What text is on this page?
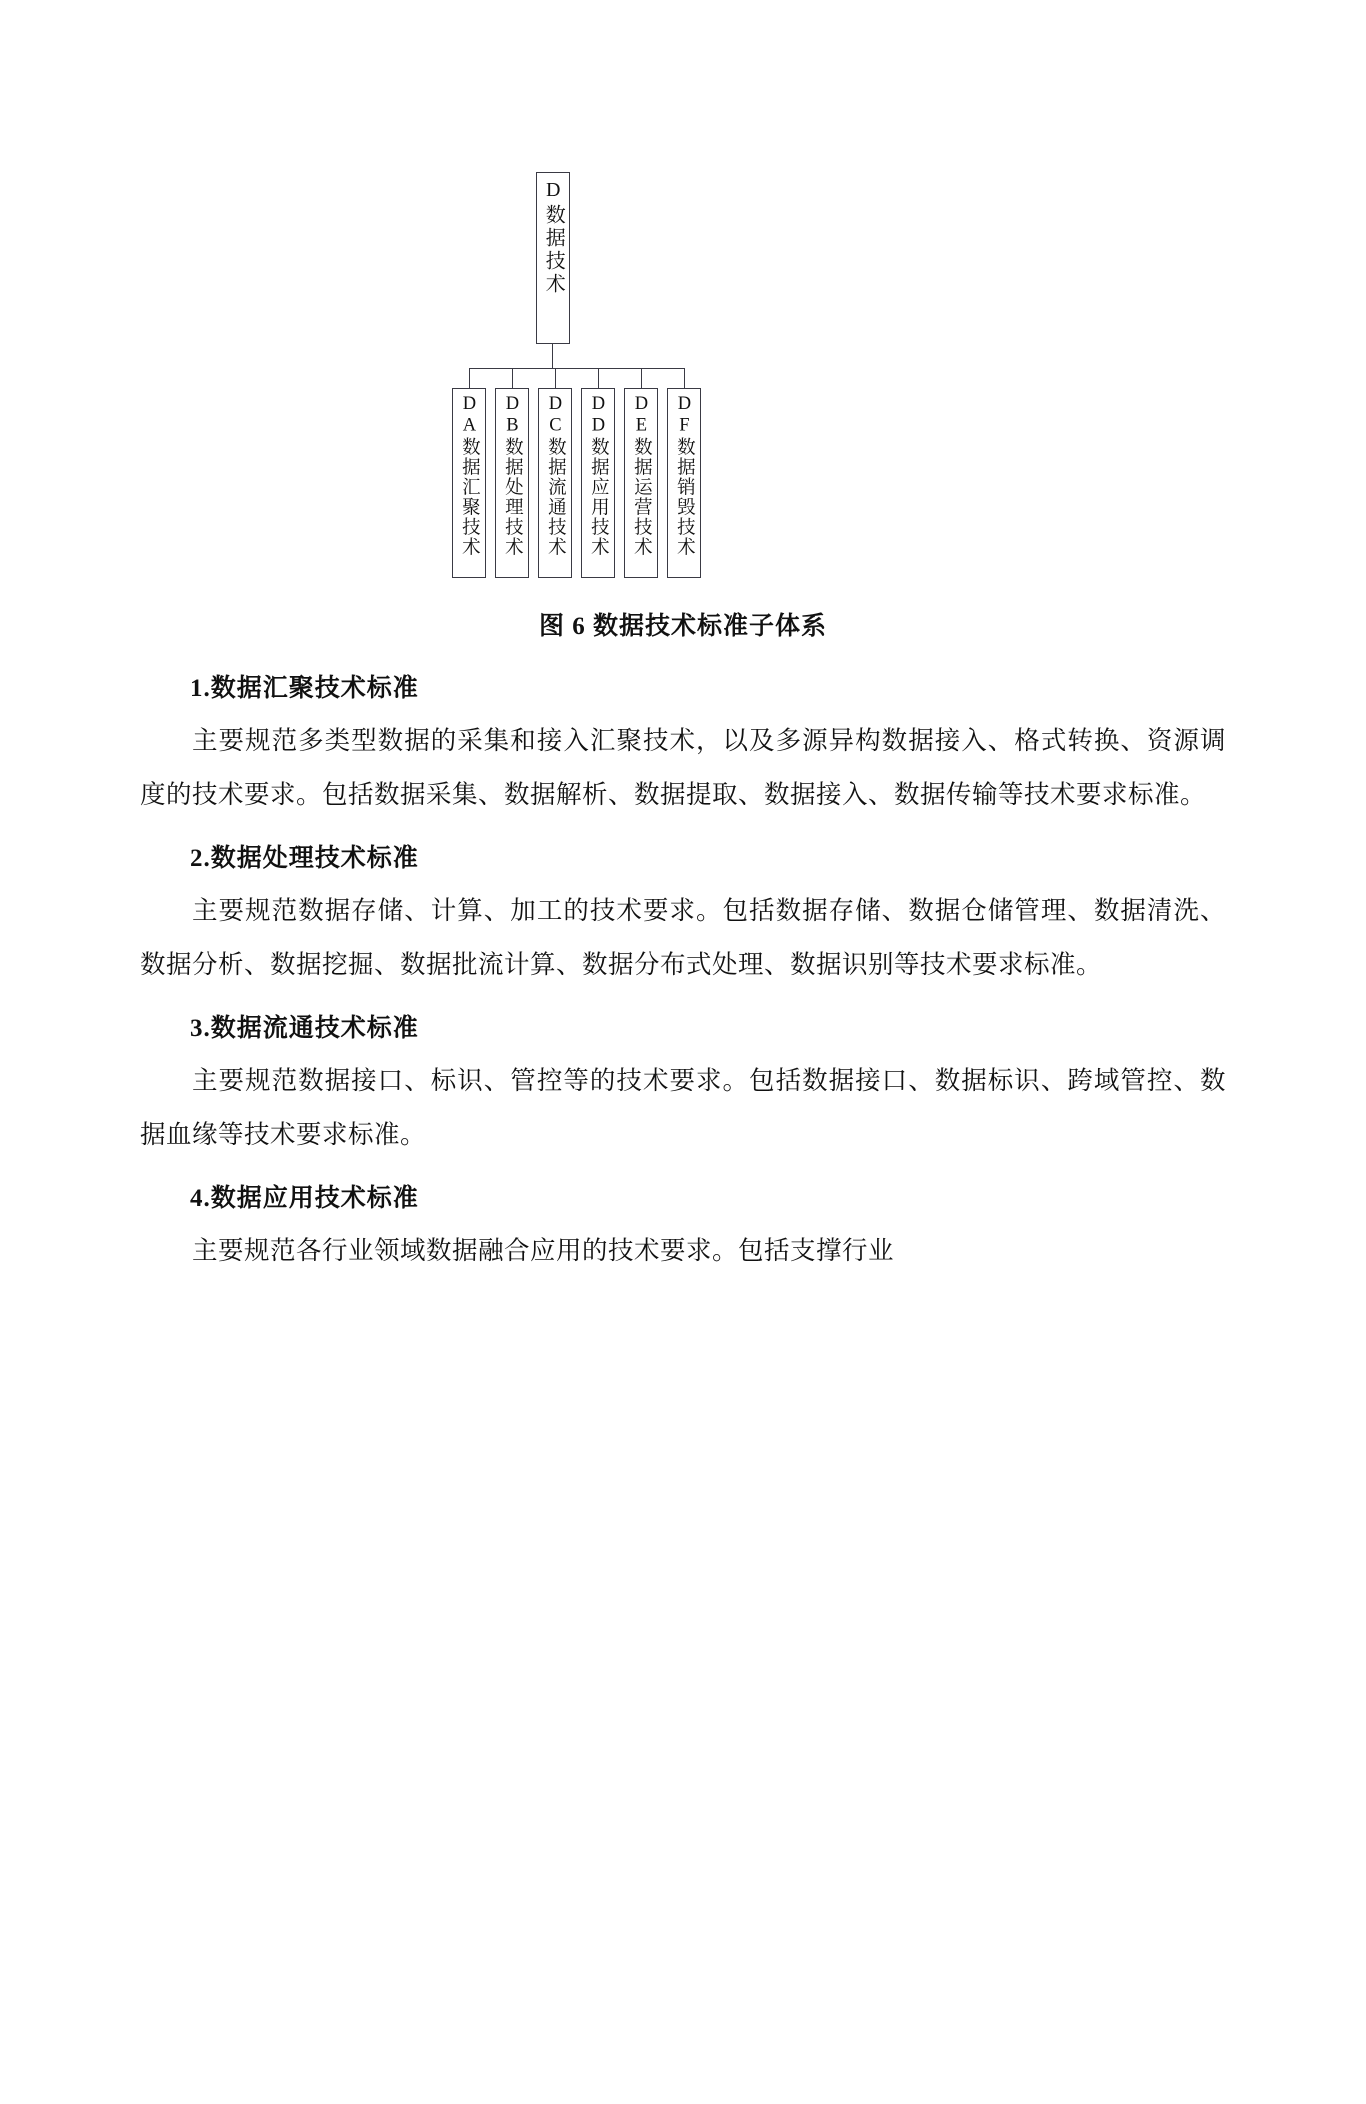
D数据技术
DA数据汇聚技术	DB数据处理技术	DC数据流通技术	DD数据应用技术	DE数据运营技术	DF数据销毁技术
图 6 数据技术标准子体系
1.数据汇聚技术标准

主要规范多类型数据的采集和接入汇聚技术，以及多源异构数据接入、格式转换、资源调度的技术要求。包括数据采集、数据解析、数据提取、数据接入、数据传输等技术要求标准。

2.数据处理技术标准

主要规范数据存储、计算、加工的技术要求。包括数据存储、数据仓储管理、数据清洗、数据分析、数据挖掘、数据批流计算、数据分布式处理、数据识别等技术要求标准。

3.数据流通技术标准

主要规范数据接口、标识、管控等的技术要求。包括数据接口、数据标识、跨域管控、数据血缘等技术要求标准。

4.数据应用技术标准

主要规范各行业领域数据融合应用的技术要求。包括支撑行业
